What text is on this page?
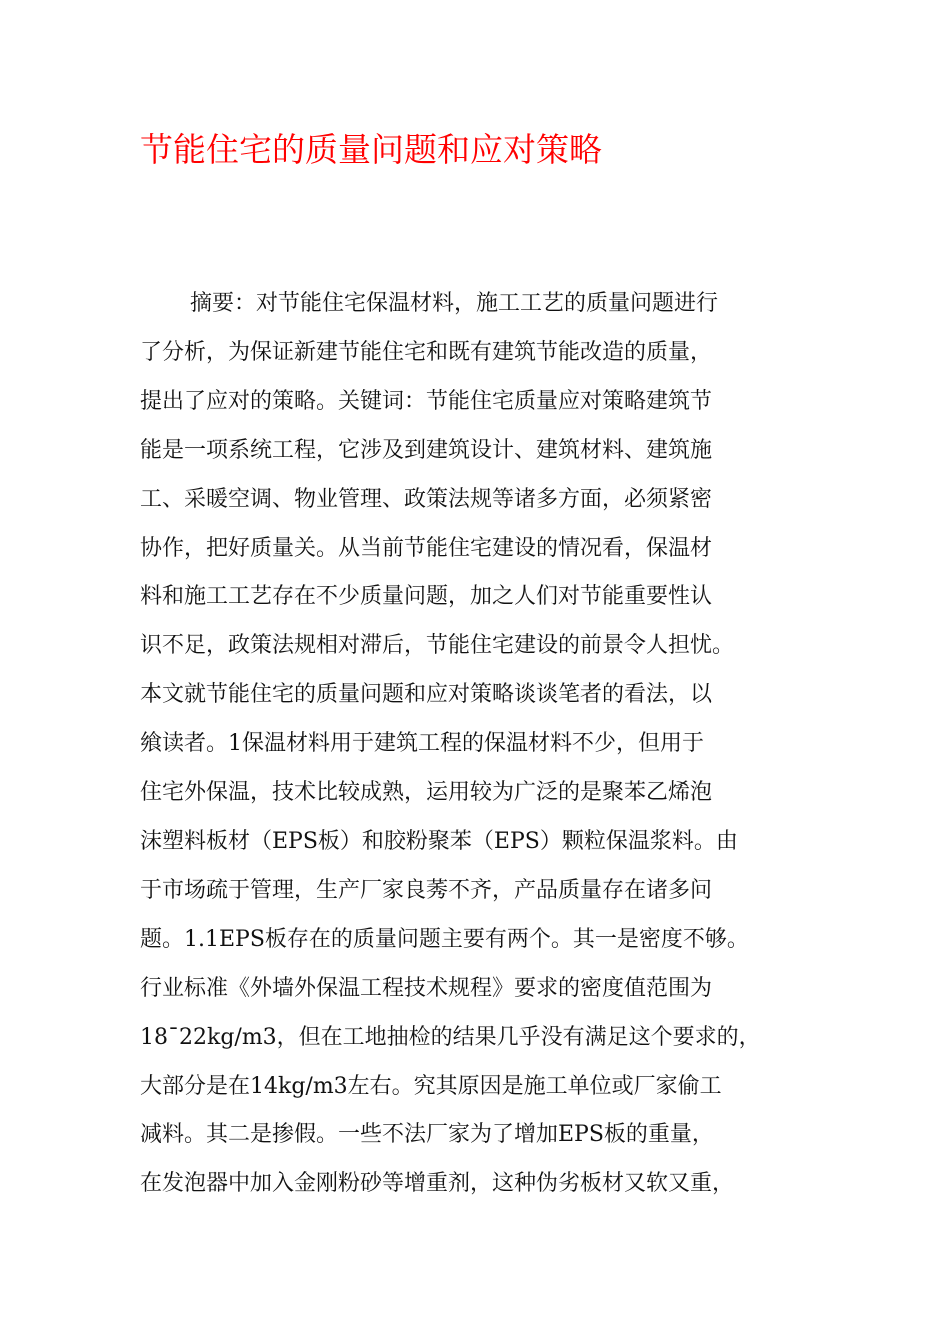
节能住宅的质量问题和应对策略
摘要：对节能住宅保温材料，施工工艺的质量问题进行
了分析，为保证新建节能住宅和既有建筑节能改造的质量，
提出了应对的策略。关键词：节能住宅质量应对策略建筑节
能是一项系统工程，它涉及到建筑设计、建筑材料、建筑施
工、采暖空调、物业管理、政策法规等诸多方面，必须紧密
协作，把好质量关。从当前节能住宅建设的情况看，保温材
料和施工工艺存在不少质量问题，加之人们对节能重要性认
识不足，政策法规相对滞后，节能住宅建设的前景令人担忧。
本文就节能住宅的质量问题和应对策略谈谈笔者的看法，以
飨读者。1保温材料用于建筑工程的保温材料不少，但用于
住宅外保温，技术比较成熟，运用较为广泛的是聚苯乙烯泡
沫塑料板材（EPS板）和胶粉聚苯（EPS）颗粒保温浆料。由
于市场疏于管理，生产厂家良莠不齐，产品质量存在诸多问
题。1.1EPS板存在的质量问题主要有两个。其一是密度不够。
行业标准《外墙外保温工程技术规程》要求的密度值范围为
18¯22kg/m3，但在工地抽检的结果几乎没有满足这个要求的，
大部分是在14kg/m3左右。究其原因是施工单位或厂家偷工
减料。其二是掺假。一些不法厂家为了增加EPS板的重量，
在发泡器中加入金刚粉砂等增重剂，这种伪劣板材又软又重，
